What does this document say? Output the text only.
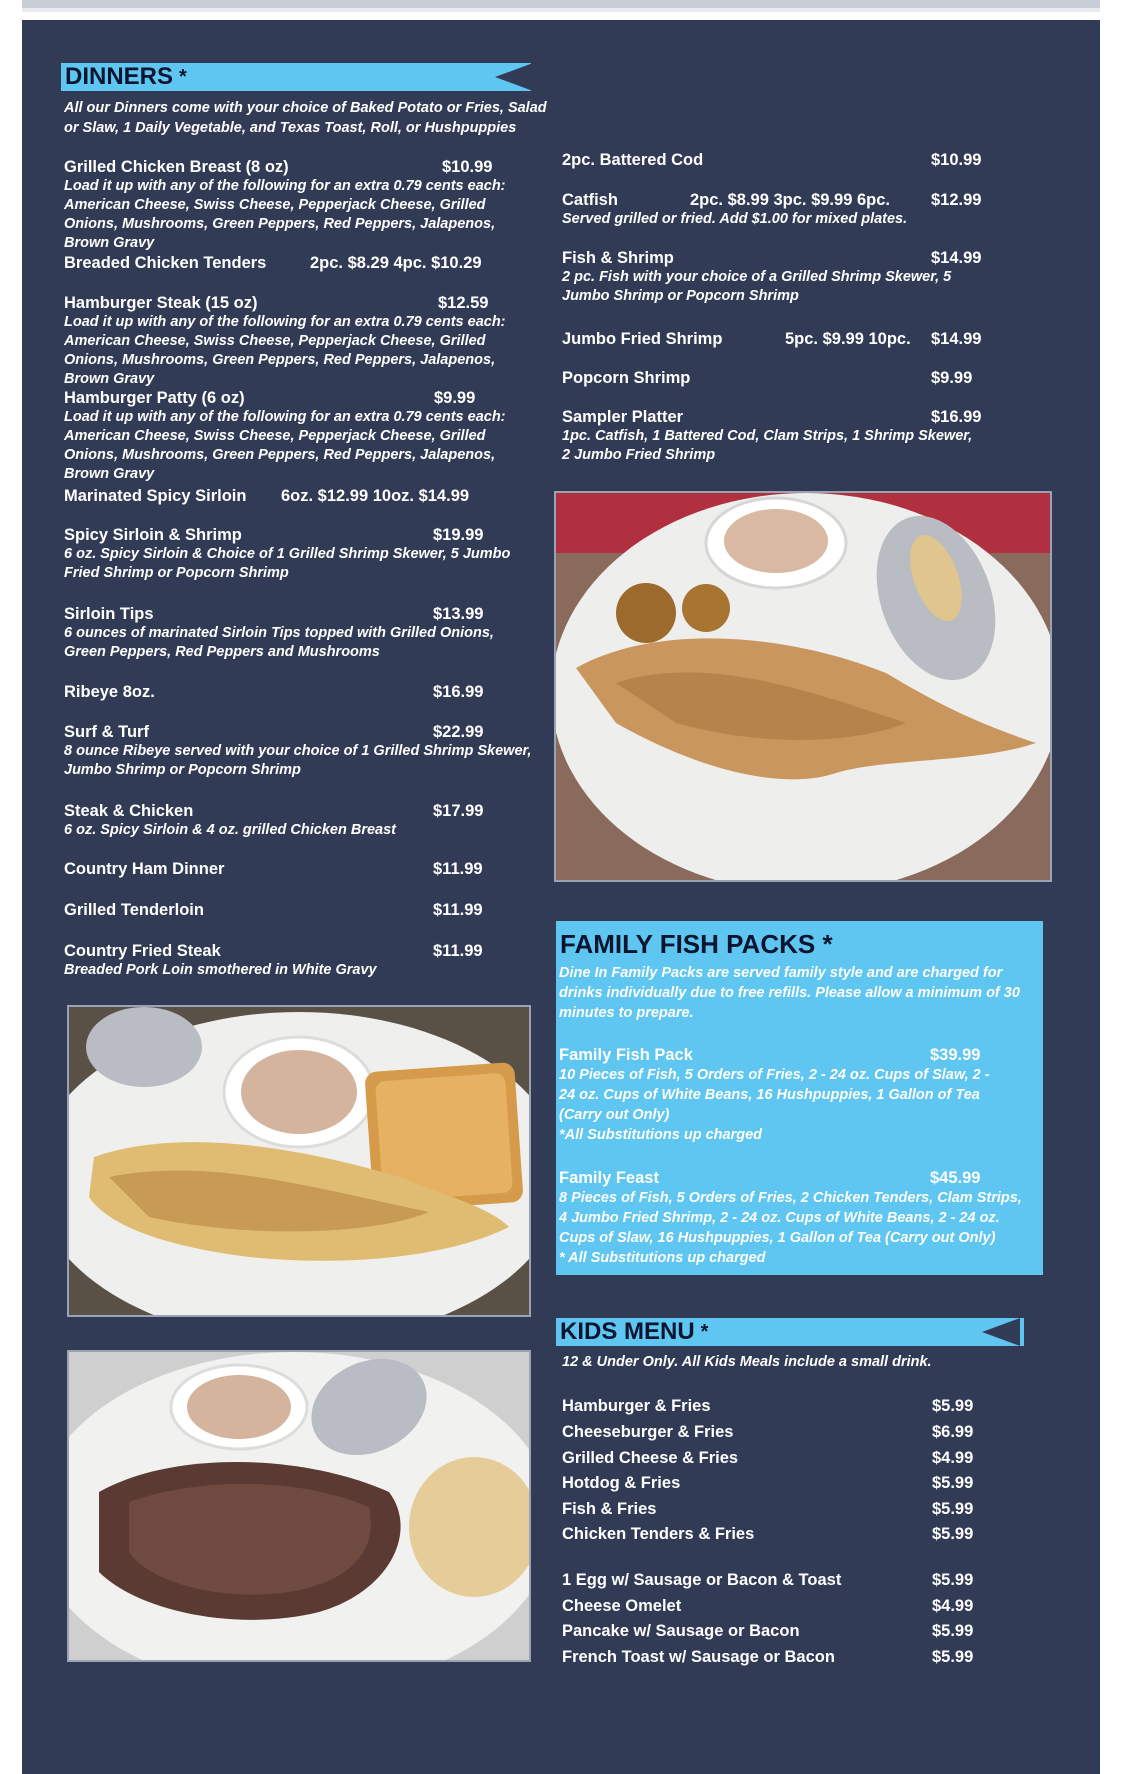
DINNERS *
All our Dinners come with your choice of Baked Potato or Fries, Salad or Slaw, 1 Daily Vegetable, and Texas Toast, Roll, or Hushpuppies
Grilled Chicken Breast (8 oz)	$10.99
Load it up with any of the following for an extra 0.79 cents each: American Cheese, Swiss Cheese, Pepperjack Cheese, Grilled Onions, Mushrooms, Green Peppers, Red Peppers, Jalapenos, Brown Gravy
Breaded Chicken Tenders	2pc. $8.29 4pc. $10.29
Hamburger Steak (15 oz)	$12.59
Load it up with any of the following for an extra 0.79 cents each: American Cheese, Swiss Cheese, Pepperjack Cheese, Grilled Onions, Mushrooms, Green Peppers, Red Peppers, Jalapenos, Brown Gravy
Hamburger Patty (6 oz)	$9.99
Load it up with any of the following for an extra 0.79 cents each: American Cheese, Swiss Cheese, Pepperjack Cheese, Grilled Onions, Mushrooms, Green Peppers, Red Peppers, Jalapenos, Brown Gravy
Marinated Spicy Sirloin 6oz. $12.99 10oz. $14.99
Spicy Sirloin & Shrimp	$19.99
6 oz. Spicy Sirloin & Choice of 1 Grilled Shrimp Skewer, 5 Jumbo Fried Shrimp or Popcorn Shrimp
Sirloin Tips	$13.99
6 ounces of marinated Sirloin Tips topped with Grilled Onions, Green Peppers, Red Peppers and Mushrooms
Ribeye 8oz.	$16.99
Surf & Turf	$22.99
8 ounce Ribeye served with your choice of 1 Grilled Shrimp Skewer, Jumbo Shrimp or Popcorn Shrimp
Steak & Chicken	$17.99
6 oz. Spicy Sirloin & 4 oz. grilled Chicken Breast
Country Ham Dinner	$11.99
Grilled Tenderloin	$11.99
Country Fried Steak	$11.99
Breaded Pork Loin smothered in White Gravy
2pc. Battered Cod	$10.99
Catfish	2pc. $8.99 3pc. $9.99 6pc. $12.99
Served grilled or fried. Add $1.00 for mixed plates.
Fish & Shrimp	$14.99
2 pc. Fish with your choice of a Grilled Shrimp Skewer, 5 Jumbo Shrimp or Popcorn Shrimp
Jumbo Fried Shrimp	5pc. $9.99 10pc. $14.99
Popcorn Shrimp	$9.99
Sampler Platter	$16.99
1pc. Catfish, 1 Battered Cod, Clam Strips, 1 Shrimp Skewer, 2 Jumbo Fried Shrimp
FAMILY FISH PACKS *
Dine In Family Packs are served family style and are charged for drinks individually due to free refills. Please allow a minimum of 30 minutes to prepare.
Family Fish Pack	$39.99
10 Pieces of Fish, 5 Orders of Fries, 2 - 24 oz. Cups of Slaw, 2 - 24 oz. Cups of White Beans, 16 Hushpuppies, 1 Gallon of Tea (Carry out Only)
*All Substitutions up charged
Family Feast	$45.99
8 Pieces of Fish, 5 Orders of Fries, 2 Chicken Tenders, Clam Strips, 4 Jumbo Fried Shrimp, 2 - 24 oz. Cups of White Beans, 2 - 24 oz. Cups of Slaw, 16 Hushpuppies, 1 Gallon of Tea (Carry out Only)
* All Substitutions up charged
KIDS MENU *
12 & Under Only. All Kids Meals include a small drink.
Hamburger & Fries	$5.99
Cheeseburger & Fries	$6.99
Grilled Cheese & Fries	$4.99
Hotdog & Fries	$5.99
Fish & Fries	$5.99
Chicken Tenders & Fries	$5.99
1 Egg w/ Sausage or Bacon & Toast	$5.99
Cheese Omelet	$4.99
Pancake w/ Sausage or Bacon	$5.99
French Toast w/ Sausage or Bacon	$5.99
